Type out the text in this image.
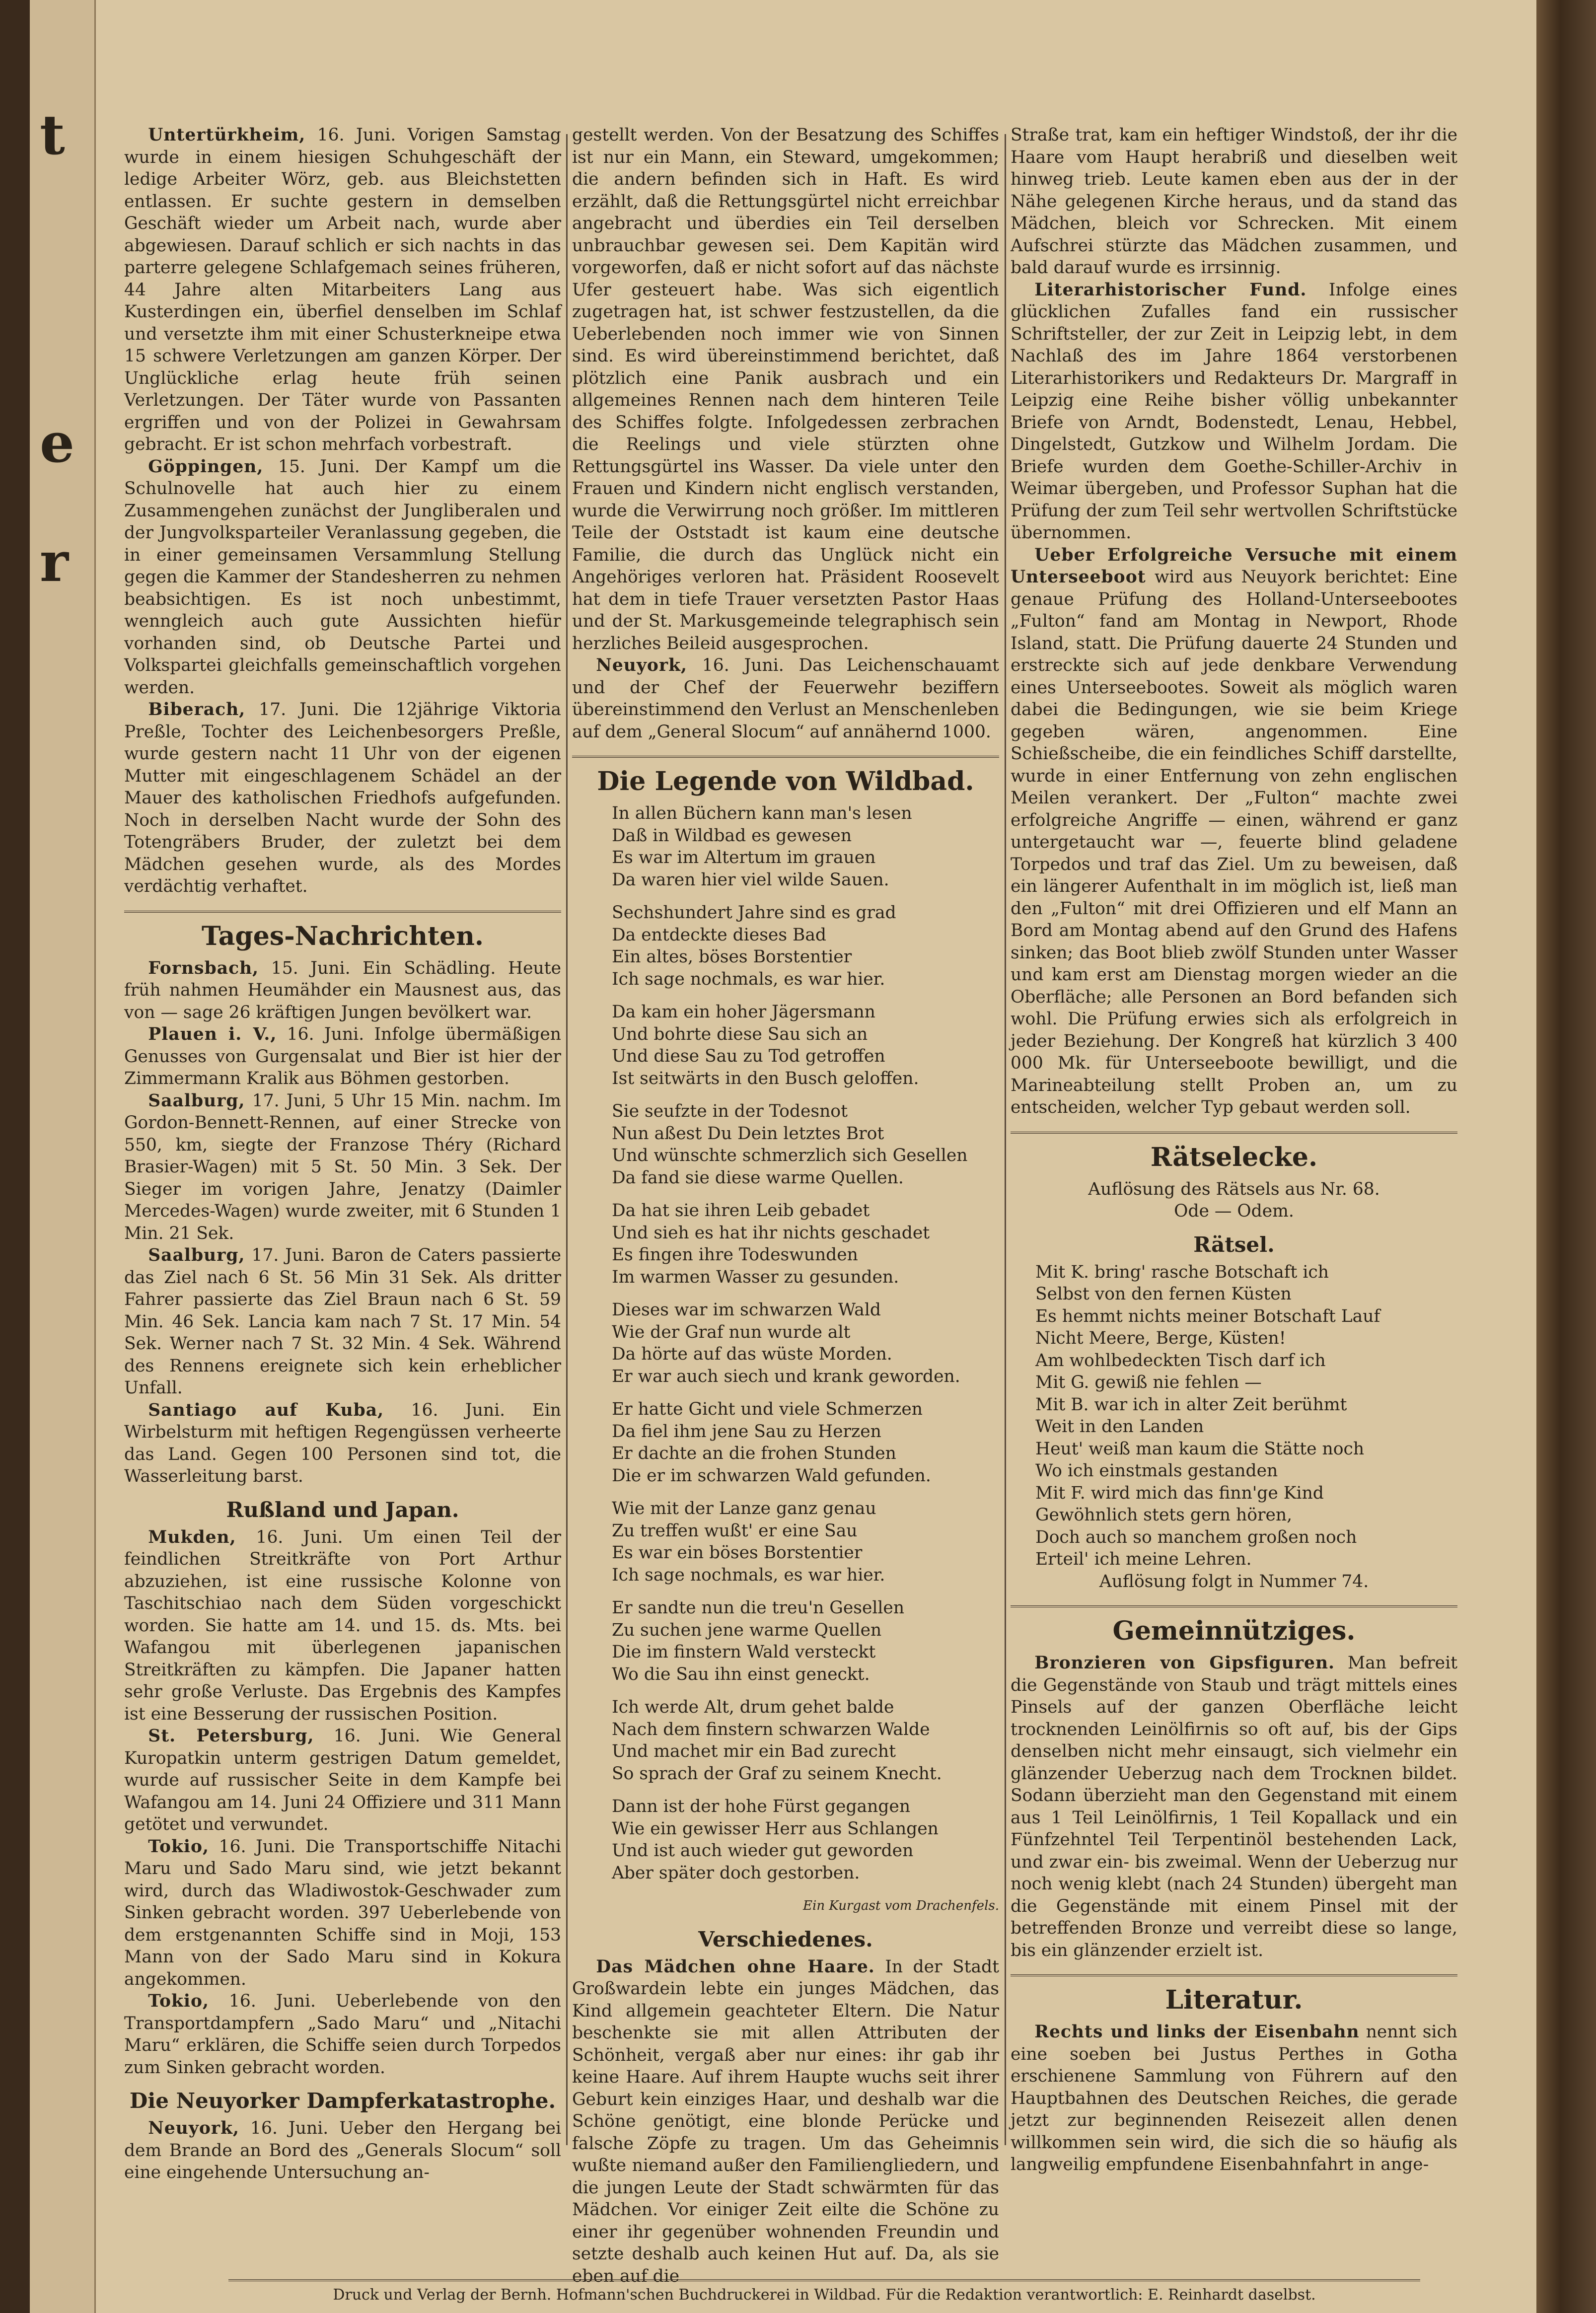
t
e
r

Untertürkheim, 16. Juni. Vorigen Samstag wurde in einem hiesigen Schuhgeschäft der ledige Arbeiter Wörz, geb. aus Bleichstetten entlassen. Er suchte gestern in demselben Geschäft wieder um Arbeit nach, wurde aber abgewiesen. Darauf schlich er sich nachts in das parterre gelegene Schlafgemach seines früheren, 44 Jahre alten Mitarbeiters Lang aus Kusterdingen ein, überfiel denselben im Schlaf und versetzte ihm mit einer Schusterkneipe etwa 15 schwere Verletzungen am ganzen Körper. Der Unglückliche erlag heute früh seinen Verletzungen. Der Täter wurde von Passanten ergriffen und von der Polizei in Gewahrsam gebracht. Er ist schon mehrfach vorbestraft.

Göppingen, 15. Juni. Der Kampf um die Schulnovelle hat auch hier zu einem Zusammengehen zunächst der Jungliberalen und der Jungvolksparteiler Veranlassung gegeben, die in einer gemeinsamen Versammlung Stellung gegen die Kammer der Standesherren zu nehmen beabsichtigen. Es ist noch unbestimmt, wenngleich auch gute Aussichten hiefür vorhanden sind, ob Deutsche Partei und Volkspartei gleichfalls gemeinschaftlich vorgehen werden.

Biberach, 17. Juni. Die 12jährige Viktoria Preßle, Tochter des Leichenbesorgers Preßle, wurde gestern nacht 11 Uhr von der eigenen Mutter mit eingeschlagenem Schädel an der Mauer des katholischen Friedhofs aufgefunden. Noch in derselben Nacht wurde der Sohn des Totengräbers Bruder, der zuletzt bei dem Mädchen gesehen wurde, als des Mordes verdächtig verhaftet.

Tages-Nachrichten.

Fornsbach, 15. Juni. Ein Schädling. Heute früh nahmen Heumähder ein Mausnest aus, das von — sage 26 kräftigen Jungen bevölkert war.

Plauen i. V., 16. Juni. Infolge übermäßigen Genusses von Gurgensalat und Bier ist hier der Zimmermann Kralik aus Böhmen gestorben.

Saalburg, 17. Juni, 5 Uhr 15 Min. nachm. Im Gordon-Bennett-Rennen, auf einer Strecke von 550, km, siegte der Franzose Théry (Richard Brasier-Wagen) mit 5 St. 50 Min. 3 Sek. Der Sieger im vorigen Jahre, Jenatzy (Daimler Mercedes-Wagen) wurde zweiter, mit 6 Stunden 1 Min. 21 Sek.

Saalburg, 17. Juni. Baron de Caters passierte das Ziel nach 6 St. 56 Min 31 Sek. Als dritter Fahrer passierte das Ziel Braun nach 6 St. 59 Min. 46 Sek. Lancia kam nach 7 St. 17 Min. 54 Sek. Werner nach 7 St. 32 Min. 4 Sek. Während des Rennens ereignete sich kein erheblicher Unfall.

Santiago auf Kuba, 16. Juni. Ein Wirbelsturm mit heftigen Regengüssen verheerte das Land. Gegen 100 Personen sind tot, die Wasserleitung barst.

Rußland und Japan.

Mukden, 16. Juni. Um einen Teil der feindlichen Streitkräfte von Port Arthur abzuziehen, ist eine russische Kolonne von Taschitschiao nach dem Süden vorgeschickt worden. Sie hatte am 14. und 15. ds. Mts. bei Wafangou mit überlegenen japanischen Streitkräften zu kämpfen. Die Japaner hatten sehr große Verluste. Das Ergebnis des Kampfes ist eine Besserung der russischen Position.

St. Petersburg, 16. Juni. Wie General Kuropatkin unterm gestrigen Datum gemeldet, wurde auf russischer Seite in dem Kampfe bei Wafangou am 14. Juni 24 Offiziere und 311 Mann getötet und verwundet.

Tokio, 16. Juni. Die Transportschiffe Nitachi Maru und Sado Maru sind, wie jetzt bekannt wird, durch das Wladiwostok-Geschwader zum Sinken gebracht worden. 397 Ueberlebende von dem erstgenannten Schiffe sind in Moji, 153 Mann von der Sado Maru sind in Kokura angekommen.

Tokio, 16. Juni. Ueberlebende von den Transportdampfern „Sado Maru“ und „Nitachi Maru“ erklären, die Schiffe seien durch Torpedos zum Sinken gebracht worden.

Die Neuyorker Dampferkatastrophe.

Neuyork, 16. Juni. Ueber den Hergang bei dem Brande an Bord des „Generals Slocum“ soll eine eingehende Untersuchung an-

gestellt werden. Von der Besatzung des Schiffes ist nur ein Mann, ein Steward, umgekommen; die andern befinden sich in Haft. Es wird erzählt, daß die Rettungsgürtel nicht erreichbar angebracht und überdies ein Teil derselben unbrauchbar gewesen sei. Dem Kapitän wird vorgeworfen, daß er nicht sofort auf das nächste Ufer gesteuert habe. Was sich eigentlich zugetragen hat, ist schwer festzustellen, da die Ueberlebenden noch immer wie von Sinnen sind. Es wird übereinstimmend berichtet, daß plötzlich eine Panik ausbrach und ein allgemeines Rennen nach dem hinteren Teile des Schiffes folgte. Infolgedessen zerbrachen die Reelings und viele stürzten ohne Rettungsgürtel ins Wasser. Da viele unter den Frauen und Kindern nicht englisch verstanden, wurde die Verwirrung noch größer. Im mittleren Teile der Oststadt ist kaum eine deutsche Familie, die durch das Unglück nicht ein Angehöriges verloren hat. Präsident Roosevelt hat dem in tiefe Trauer versetzten Pastor Haas und der St. Markusgemeinde telegraphisch sein herzliches Beileid ausgesprochen.

Neuyork, 16. Juni. Das Leichenschauamt und der Chef der Feuerwehr beziffern übereinstimmend den Verlust an Menschenleben auf dem „General Slocum“ auf annähernd 1000.

Die Legende von Wildbad.
In allen Büchern kann man's lesen
Daß in Wildbad es gewesen
Es war im Altertum im grauen
Da waren hier viel wilde Sauen.
Sechshundert Jahre sind es grad
Da entdeckte dieses Bad
Ein altes, böses Borstentier
Ich sage nochmals, es war hier.
Da kam ein hoher Jägersmann
Und bohrte diese Sau sich an
Und diese Sau zu Tod getroffen
Ist seitwärts in den Busch geloffen.
Sie seufzte in der Todesnot
Nun aßest Du Dein letztes Brot
Und wünschte schmerzlich sich Gesellen
Da fand sie diese warme Quellen.
Da hat sie ihren Leib gebadet
Und sieh es hat ihr nichts geschadet
Es fingen ihre Todeswunden
Im warmen Wasser zu gesunden.
Dieses war im schwarzen Wald
Wie der Graf nun wurde alt
Da hörte auf das wüste Morden.
Er war auch siech und krank geworden.
Er hatte Gicht und viele Schmerzen
Da fiel ihm jene Sau zu Herzen
Er dachte an die frohen Stunden
Die er im schwarzen Wald gefunden.
Wie mit der Lanze ganz genau
Zu treffen wußt' er eine Sau
Es war ein böses Borstentier
Ich sage nochmals, es war hier.
Er sandte nun die treu'n Gesellen
Zu suchen jene warme Quellen
Die im finstern Wald versteckt
Wo die Sau ihn einst geneckt.
Ich werde Alt, drum gehet balde
Nach dem finstern schwarzen Walde
Und machet mir ein Bad zurecht
So sprach der Graf zu seinem Knecht.
Dann ist der hohe Fürst gegangen
Wie ein gewisser Herr aus Schlangen
Und ist auch wieder gut geworden
Aber später doch gestorben.
Ein Kurgast vom Drachenfels.
Verschiedenes.

Das Mädchen ohne Haare. In der Stadt Großwardein lebte ein junges Mädchen, das Kind allgemein geachteter Eltern. Die Natur beschenkte sie mit allen Attributen der Schönheit, vergaß aber nur eines: ihr gab ihr keine Haare. Auf ihrem Haupte wuchs seit ihrer Geburt kein einziges Haar, und deshalb war die Schöne genötigt, eine blonde Perücke und falsche Zöpfe zu tragen. Um das Geheimnis wußte niemand außer den Familiengliedern, und die jungen Leute der Stadt schwärmten für das Mädchen. Vor einiger Zeit eilte die Schöne zu einer ihr gegenüber wohnenden Freundin und setzte deshalb auch keinen Hut auf. Da, als sie eben auf die

Straße trat, kam ein heftiger Windstoß, der ihr die Haare vom Haupt herabriß und dieselben weit hinweg trieb. Leute kamen eben aus der in der Nähe gelegenen Kirche heraus, und da stand das Mädchen, bleich vor Schrecken. Mit einem Aufschrei stürzte das Mädchen zusammen, und bald darauf wurde es irrsinnig.

Literarhistorischer Fund. Infolge eines glücklichen Zufalles fand ein russischer Schriftsteller, der zur Zeit in Leipzig lebt, in dem Nachlaß des im Jahre 1864 verstorbenen Literarhistorikers und Redakteurs Dr. Margraff in Leipzig eine Reihe bisher völlig unbekannter Briefe von Arndt, Bodenstedt, Lenau, Hebbel, Dingelstedt, Gutzkow und Wilhelm Jordam. Die Briefe wurden dem Goethe-Schiller-Archiv in Weimar übergeben, und Professor Suphan hat die Prüfung der zum Teil sehr wertvollen Schriftstücke übernommen.

Ueber Erfolgreiche Versuche mit einem Unterseeboot wird aus Neuyork berichtet: Eine genaue Prüfung des Holland-Unterseebootes „Fulton“ fand am Montag in Newport, Rhode Island, statt. Die Prüfung dauerte 24 Stunden und erstreckte sich auf jede denkbare Verwendung eines Unterseebootes. Soweit als möglich waren dabei die Bedingungen, wie sie beim Kriege gegeben wären, angenommen. Eine Schießscheibe, die ein feindliches Schiff darstellte, wurde in einer Entfernung von zehn englischen Meilen verankert. Der „Fulton“ machte zwei erfolgreiche Angriffe — einen, während er ganz untergetaucht war —, feuerte blind geladene Torpedos und traf das Ziel. Um zu beweisen, daß ein längerer Aufenthalt in im möglich ist, ließ man den „Fulton“ mit drei Offizieren und elf Mann an Bord am Montag abend auf den Grund des Hafens sinken; das Boot blieb zwölf Stunden unter Wasser und kam erst am Dienstag morgen wieder an die Oberfläche; alle Personen an Bord befanden sich wohl. Die Prüfung erwies sich als erfolgreich in jeder Beziehung. Der Kongreß hat kürzlich 3 400 000 Mk. für Unterseeboote bewilligt, und die Marineabteilung stellt Proben an, um zu entscheiden, welcher Typ gebaut werden soll.

Rätselecke.

Auflösung des Rätsels aus Nr. 68.

Ode — Odem.

Rätsel.
Mit K. bring' rasche Botschaft ich
Selbst von den fernen Küsten
Es hemmt nichts meiner Botschaft Lauf
Nicht Meere, Berge, Küsten!
Am wohlbedeckten Tisch darf ich
Mit G. gewiß nie fehlen —
Mit B. war ich in alter Zeit berühmt
Weit in den Landen
Heut' weiß man kaum die Stätte noch
Wo ich einstmals gestanden
Mit F. wird mich das finn'ge Kind
Gewöhnlich stets gern hören,
Doch auch so manchem großen noch
Erteil' ich meine Lehren.

Auflösung folgt in Nummer 74.

Gemeinnütziges.

Bronzieren von Gipsfiguren. Man befreit die Gegenstände von Staub und trägt mittels eines Pinsels auf der ganzen Oberfläche leicht trocknenden Leinölfirnis so oft auf, bis der Gips denselben nicht mehr einsaugt, sich vielmehr ein glänzender Ueberzug nach dem Trocknen bildet. Sodann überzieht man den Gegenstand mit einem aus 1 Teil Leinölfirnis, 1 Teil Kopallack und ein Fünfzehntel Teil Terpentinöl bestehenden Lack, und zwar ein- bis zweimal. Wenn der Ueberzug nur noch wenig klebt (nach 24 Stunden) übergeht man die Gegenstände mit einem Pinsel mit der betreffenden Bronze und verreibt diese so lange, bis ein glänzender erzielt ist.

Literatur.

Rechts und links der Eisenbahn nennt sich eine soeben bei Justus Perthes in Gotha erschienene Sammlung von Führern auf den Hauptbahnen des Deutschen Reiches, die gerade jetzt zur beginnenden Reisezeit allen denen willkommen sein wird, die sich die so häufig als langweilig empfundene Eisenbahnfahrt in ange-

Druck und Verlag der Bernh. Hofmann'schen Buchdruckerei in Wildbad. Für die Redaktion verantwortlich: E. Reinhardt daselbst.
